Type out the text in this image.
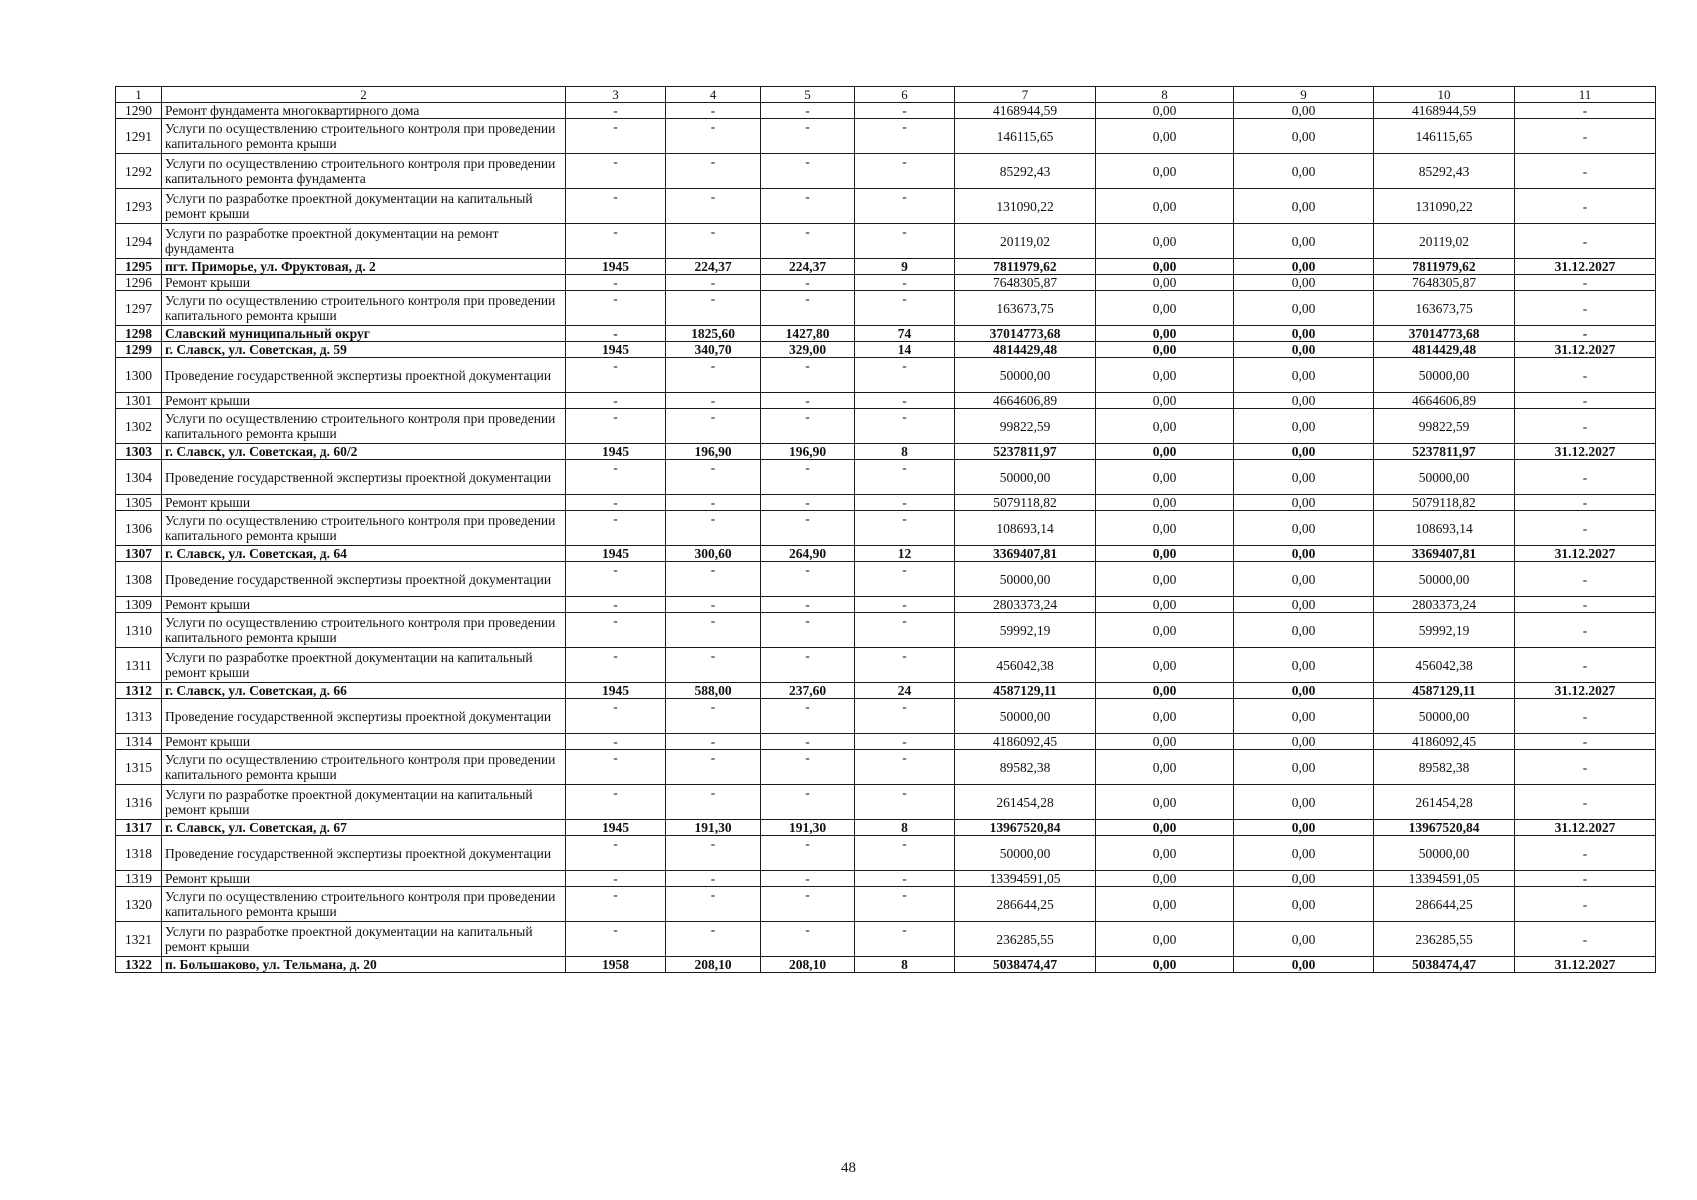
1	2	3	4	5	6	7	8	9	10	11
1290	Ремонт фундамента многоквартирного дома	-	-	-	-	4168944,59	0,00	0,00	4168944,59	-
1291	Услуги по осуществлению строительного контроля при проведении капитального ремонта крыши	-	-	-	-	146115,65	0,00	0,00	146115,65	-
1292	Услуги по осуществлению строительного контроля при проведении капитального ремонта фундамента	-	-	-	-	85292,43	0,00	0,00	85292,43	-
1293	Услуги по разработке проектной документации на капитальный ремонт крыши	-	-	-	-	131090,22	0,00	0,00	131090,22	-
1294	Услуги по разработке проектной документации на ремонт фундамента	-	-	-	-	20119,02	0,00	0,00	20119,02	-
1295	пгт. Приморье, ул. Фруктовая, д. 2	1945	224,37	224,37	9	7811979,62	0,00	0,00	7811979,62	31.12.2027
1296	Ремонт крыши	-	-	-	-	7648305,87	0,00	0,00	7648305,87	-
1297	Услуги по осуществлению строительного контроля при проведении капитального ремонта крыши	-	-	-	-	163673,75	0,00	0,00	163673,75	-
1298	Славский муниципальный округ	-	1825,60	1427,80	74	37014773,68	0,00	0,00	37014773,68	-
1299	г. Славск, ул. Советская, д. 59	1945	340,70	329,00	14	4814429,48	0,00	0,00	4814429,48	31.12.2027
1300	Проведение государственной экспертизы проектной документации	-	-	-	-	50000,00	0,00	0,00	50000,00	-
1301	Ремонт крыши	-	-	-	-	4664606,89	0,00	0,00	4664606,89	-
1302	Услуги по осуществлению строительного контроля при проведении капитального ремонта крыши	-	-	-	-	99822,59	0,00	0,00	99822,59	-
1303	г. Славск, ул. Советская, д. 60/2	1945	196,90	196,90	8	5237811,97	0,00	0,00	5237811,97	31.12.2027
1304	Проведение государственной экспертизы проектной документации	-	-	-	-	50000,00	0,00	0,00	50000,00	-
1305	Ремонт крыши	-	-	-	-	5079118,82	0,00	0,00	5079118,82	-
1306	Услуги по осуществлению строительного контроля при проведении капитального ремонта крыши	-	-	-	-	108693,14	0,00	0,00	108693,14	-
1307	г. Славск, ул. Советская, д. 64	1945	300,60	264,90	12	3369407,81	0,00	0,00	3369407,81	31.12.2027
1308	Проведение государственной экспертизы проектной документации	-	-	-	-	50000,00	0,00	0,00	50000,00	-
1309	Ремонт крыши	-	-	-	-	2803373,24	0,00	0,00	2803373,24	-
1310	Услуги по осуществлению строительного контроля при проведении капитального ремонта крыши	-	-	-	-	59992,19	0,00	0,00	59992,19	-
1311	Услуги по разработке проектной документации на капитальный ремонт крыши	-	-	-	-	456042,38	0,00	0,00	456042,38	-
1312	г. Славск, ул. Советская, д. 66	1945	588,00	237,60	24	4587129,11	0,00	0,00	4587129,11	31.12.2027
1313	Проведение государственной экспертизы проектной документации	-	-	-	-	50000,00	0,00	0,00	50000,00	-
1314	Ремонт крыши	-	-	-	-	4186092,45	0,00	0,00	4186092,45	-
1315	Услуги по осуществлению строительного контроля при проведении капитального ремонта крыши	-	-	-	-	89582,38	0,00	0,00	89582,38	-
1316	Услуги по разработке проектной документации на капитальный ремонт крыши	-	-	-	-	261454,28	0,00	0,00	261454,28	-
1317	г. Славск, ул. Советская, д. 67	1945	191,30	191,30	8	13967520,84	0,00	0,00	13967520,84	31.12.2027
1318	Проведение государственной экспертизы проектной документации	-	-	-	-	50000,00	0,00	0,00	50000,00	-
1319	Ремонт крыши	-	-	-	-	13394591,05	0,00	0,00	13394591,05	-
1320	Услуги по осуществлению строительного контроля при проведении капитального ремонта крыши	-	-	-	-	286644,25	0,00	0,00	286644,25	-
1321	Услуги по разработке проектной документации на капитальный ремонт крыши	-	-	-	-	236285,55	0,00	0,00	236285,55	-
1322	п. Большаково, ул. Тельмана, д. 20	1958	208,10	208,10	8	5038474,47	0,00	0,00	5038474,47	31.12.2027
48
